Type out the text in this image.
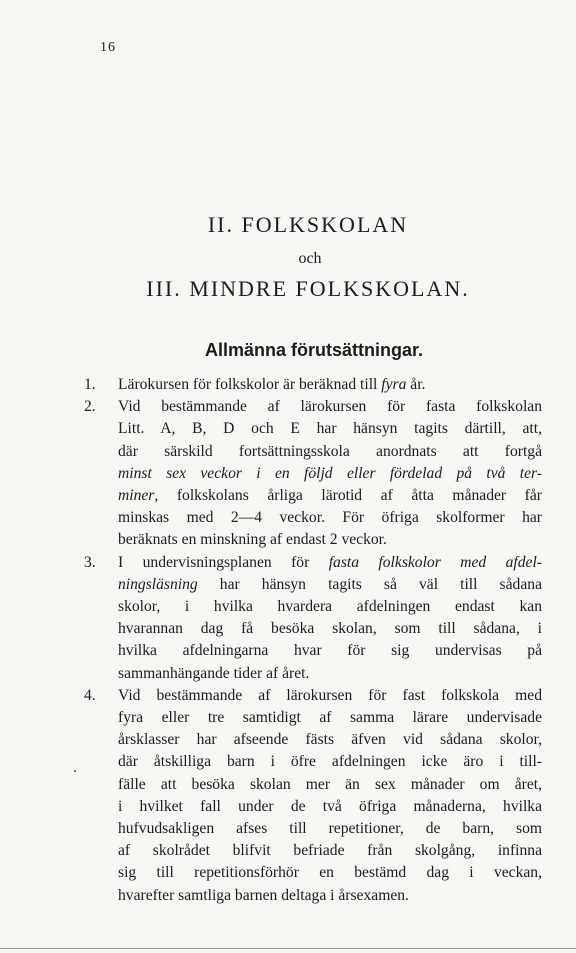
16
II. FOLKSKOLAN
och
III. MINDRE FOLKSKOLAN.
Allmänna förutsättningar.
1. Lärokursen för folkskolor är beräknad till fyra år.
2. Vid bestämmande af lärokursen för fasta folkskolan
Litt. A, B, D och E har hänsyn tagits därtill, att,
där särskild fortsättningsskola anordnats att fortgå
minst sex veckor i en följd eller fördelad på två ter-
miner, folkskolans årliga lärotid af åtta månader får
minskas med 2—4 veckor. För öfriga skolformer har
beräknats en minskning af endast 2 veckor.
3. I undervisningsplanen för fasta folkskolor med afdel-
ningsläsning har hänsyn tagits så väl till sådana
skolor, i hvilka hvardera afdelningen endast kan
hvarannan dag få besöka skolan, som till sådana, i
hvilka afdelningarna hvar för sig undervisas på
sammanhängande tider af året.
4. Vid bestämmande af lärokursen för fast folkskola med
fyra eller tre samtidigt af samma lärare undervisade
årsklasser har afseende fästs äfven vid sådana skolor,
där åtskilliga barn i öfre afdelningen icke äro i till-
fälle att besöka skolan mer än sex månader om året,
i hvilket fall under de två öfriga månaderna, hvilka
hufvudsakligen afses till repetitioner, de barn, som
af skolrådet blifvit befriade från skolgång, infinna
sig till repetitionsförhör en bestämd dag i veckan,
hvarefter samtliga barnen deltaga i årsexamen.
